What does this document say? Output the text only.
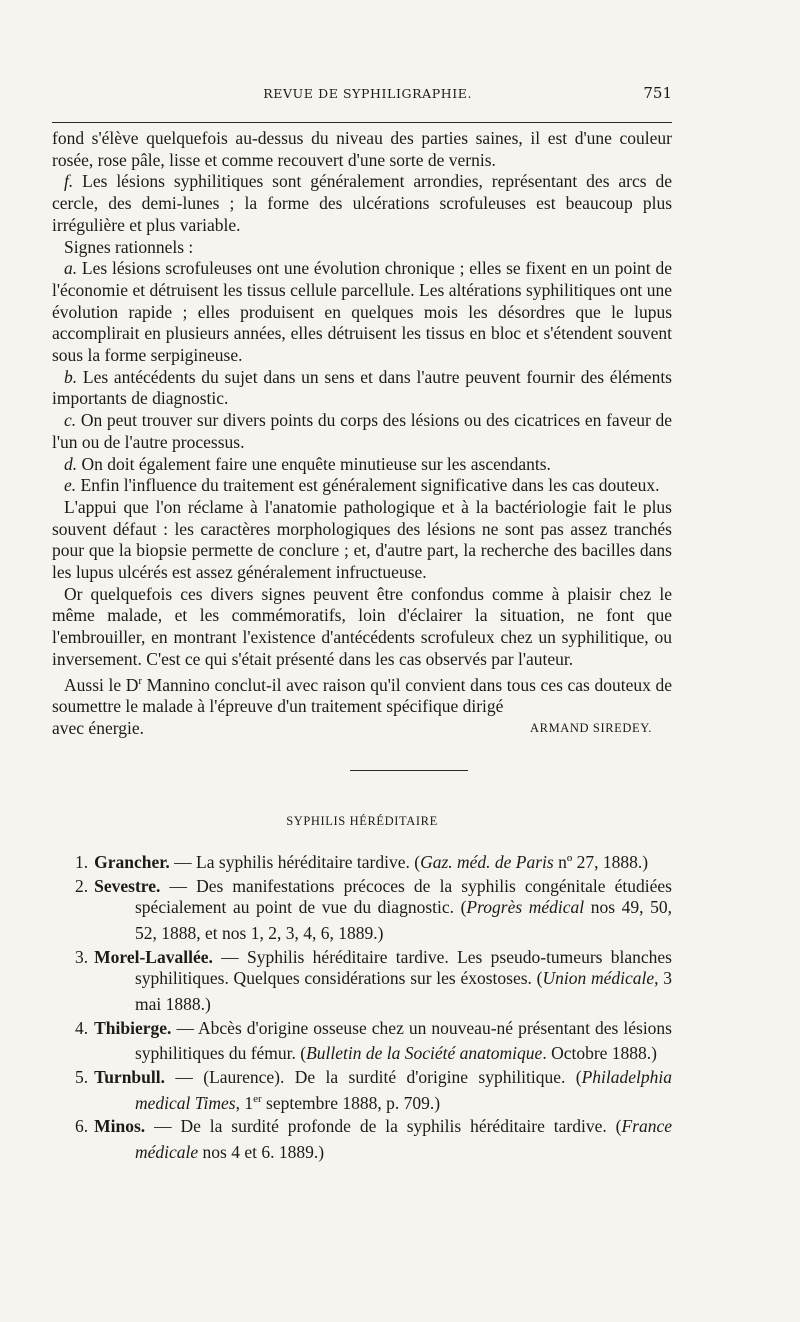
REVUE DE SYPHILIGRAPHIE.	751

fond s'élève quelquefois au-dessus du niveau des parties saines, il est d'une couleur rosée, rose pâle, lisse et comme recouvert d'une sorte de vernis.

f. Les lésions syphilitiques sont généralement arrondies, représentant des arcs de cercle, des demi-lunes ; la forme des ulcérations scrofuleuses est beaucoup plus irrégulière et plus variable.

Signes rationnels :

a. Les lésions scrofuleuses ont une évolution chronique ; elles se fixent en un point de l'économie et détruisent les tissus cellule parcellule. Les altérations syphilitiques ont une évolution rapide ; elles produisent en quelques mois les désordres que le lupus accomplirait en plusieurs années, elles détruisent les tissus en bloc et s'étendent souvent sous la forme serpigineuse.

b. Les antécédents du sujet dans un sens et dans l'autre peuvent fournir des éléments importants de diagnostic.

c. On peut trouver sur divers points du corps des lésions ou des cicatrices en faveur de l'un ou de l'autre processus.

d. On doit également faire une enquête minutieuse sur les ascendants.

e. Enfin l'influence du traitement est généralement significative dans les cas douteux.

L'appui que l'on réclame à l'anatomie pathologique et à la bactériologie fait le plus souvent défaut : les caractères morphologiques des lésions ne sont pas assez tranchés pour que la biopsie permette de conclure ; et, d'autre part, la recherche des bacilles dans les lupus ulcérés est assez généralement infructueuse.

Or quelquefois ces divers signes peuvent être confondus comme à plaisir chez le même malade, et les commémoratifs, loin d'éclairer la situation, ne font que l'embrouiller, en montrant l'existence d'antécédents scrofuleux chez un syphilitique, ou inversement. C'est ce qui s'était présenté dans les cas observés par l'auteur.

Aussi le $D^r$ Mannino conclut-il avec raison qu'il convient dans tous ces cas douteux de soumettre le malade à l'épreuve d'un traitement spécifique dirigé

avec énergie.	ARMAND SIREDEY.
SYPHILIS HÉRÉDITAIRE
1. Grancher. — La syphilis héréditaire tardive. (Gaz. méd. de Paris nº 27, 1888.)
2. Sevestre. — Des manifestations précoces de la syphilis congénitale étudiées spécialement au point de vue du diagnostic. (Progrès médical nos 49, 50, 52, 1888, et nos 1, 2, 3, 4, 6, 1889.)
3. Morel-Lavallée. — Syphilis héréditaire tardive. Les pseudo-tumeurs blanches syphilitiques. Quelques considérations sur les éxostoses. (Union médicale, 3 mai 1888.)
4. Thibierge. — Abcès d'origine osseuse chez un nouveau-né présentant des lésions syphilitiques du fémur. (Bulletin de la Société anatomique. Octobre 1888.)
5. Turnbull. — (Laurence). De la surdité d'origine syphilitique. (Philadelphia medical Times, 1er septembre 1888, p. 709.)
6. Minos. — De la surdité profonde de la syphilis héréditaire tardive. (France médicale nos 4 et 6. 1889.)
